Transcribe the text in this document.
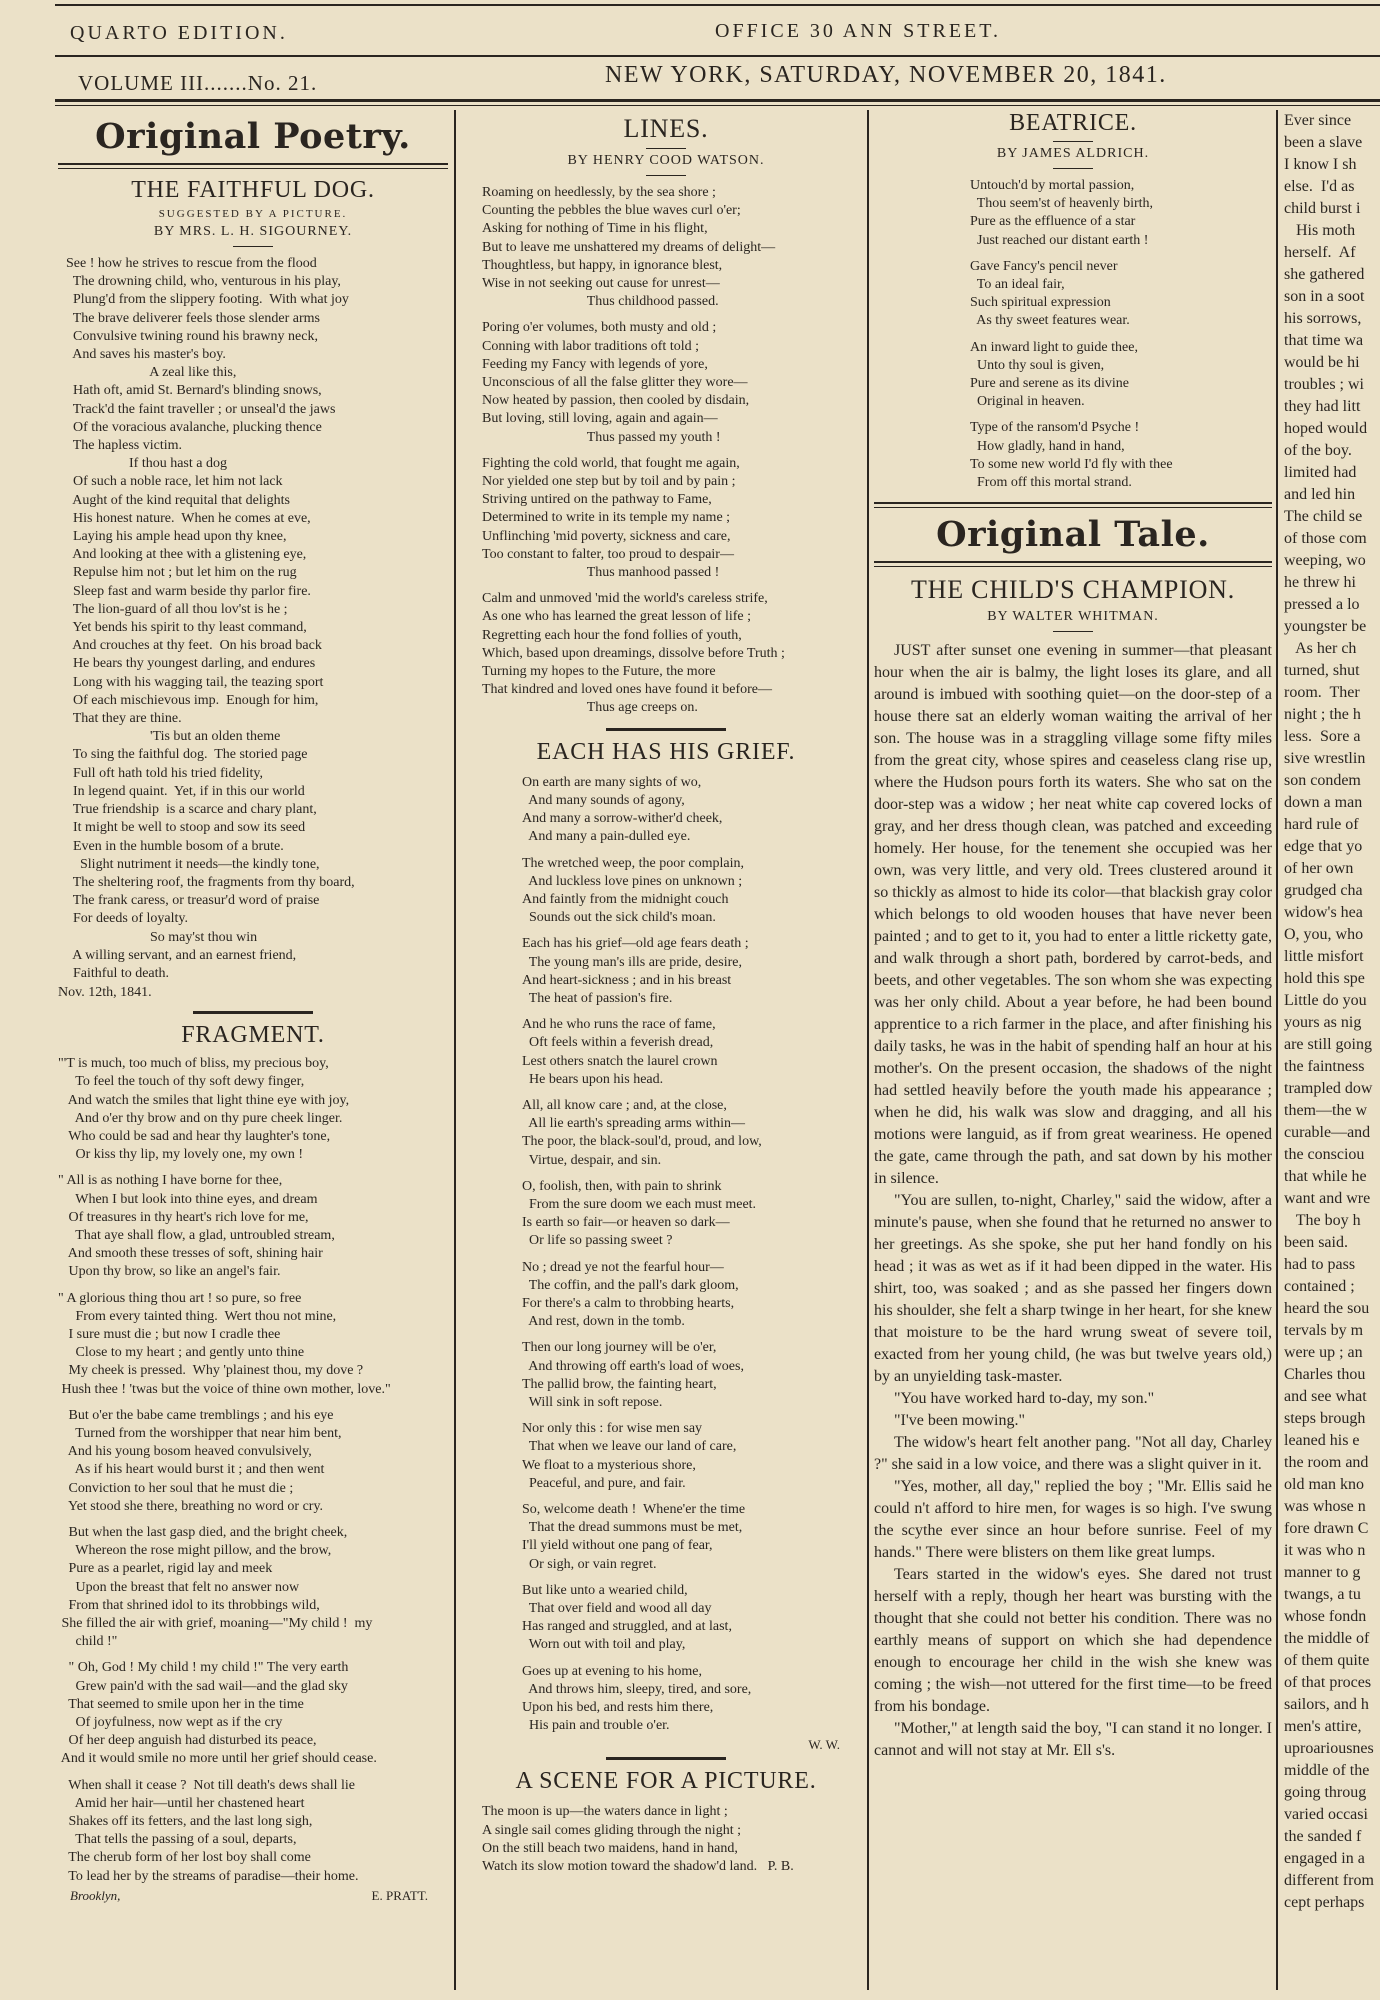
QUARTO EDITION.	OFFICE 30 ANN STREET.
VOLUME III.......No. 21.	NEW YORK, SATURDAY, NOVEMBER 20, 1841.
Original Poetry.
THE FAITHFUL DOG.
SUGGESTED BY A PICTURE.
BY MRS. L. H. SIGOURNEY.
See ! how he strives to rescue from the flood
The drowning child, who, venturous in his play,
Plung'd from the slippery footing.  With what joy
The brave deliverer feels those slender arms
Convulsive twining round his brawny neck,
And saves his master's boy.
A zeal like this,
Hath oft, amid St. Bernard's blinding snows,
Track'd the faint traveller ; or unseal'd the jaws
Of the voracious avalanche, plucking thence
The hapless victim.
If thou hast a dog
Of such a noble race, let him not lack
Aught of the kind requital that delights
His honest nature.  When he comes at eve,
Laying his ample head upon thy knee,
And looking at thee with a glistening eye,
Repulse him not ; but let him on the rug
Sleep fast and warm beside thy parlor fire.
The lion-guard of all thou lov'st is he ;
Yet bends his spirit to thy least command,
And crouches at thy feet.  On his broad back
He bears thy youngest darling, and endures
Long with his wagging tail, the teazing sport
Of each mischievous imp.  Enough for him,
That they are thine.
'Tis but an olden theme
To sing the faithful dog.  The storied page
Full oft hath told his tried fidelity,
In legend quaint.  Yet, if in this our world
True friendship  is a scarce and chary plant,
It might be well to stoop and sow its seed
Even in the humble bosom of a brute.
Slight nutriment it needs—the kindly tone,
The sheltering roof, the fragments from thy board,
The frank caress, or treasur'd word of praise
For deeds of loyalty.
So may'st thou win
A willing servant, and an earnest friend,
Faithful to death.
Nov. 12th, 1841.
FRAGMENT.
"'T is much, too much of bliss, my precious boy,
To feel the touch of thy soft dewy finger,
And watch the smiles that light thine eye with joy,
And o'er thy brow and on thy pure cheek linger.
Who could be sad and hear thy laughter's tone,
Or kiss thy lip, my lovely one, my own !
" All is as nothing I have borne for thee,
When I but look into thine eyes, and dream
Of treasures in thy heart's rich love for me,
That aye shall flow, a glad, untroubled stream,
And smooth these tresses of soft, shining hair
Upon thy brow, so like an angel's fair.
" A glorious thing thou art ! so pure, so free
From every tainted thing.  Wert thou not mine,
I sure must die ; but now I cradle thee
Close to my heart ; and gently unto thine
My cheek is pressed.  Why 'plainest thou, my dove ?
Hush thee ! 'twas but the voice of thine own mother, love."
But o'er the babe came tremblings ; and his eye
Turned from the worshipper that near him bent,
And his young bosom heaved convulsively,
As if his heart would burst it ; and then went
Conviction to her soul that he must die ;
Yet stood she there, breathing no word or cry.
But when the last gasp died, and the bright cheek,
Whereon the rose might pillow, and the brow,
Pure as a pearlet, rigid lay and meek
Upon the breast that felt no answer now
From that shrined idol to its throbbings wild,
She filled the air with grief, moaning—"My child !  my
child !"
" Oh, God ! My child ! my child !" The very earth
Grew pain'd with the sad wail—and the glad sky
That seemed to smile upon her in the time
Of joyfulness, now wept as if the cry
Of her deep anguish had disturbed its peace,
And it would smile no more until her grief should cease.
When shall it cease ?  Not till death's dews shall lie
Amid her hair—until her chastened heart
Shakes off its fetters, and the last long sigh,
That tells the passing of a soul, departs,
The cherub form of her lost boy shall come
To lead her by the streams of paradise—their home.
Brooklyn,	E. PRATT.
LINES.
BY HENRY COOD WATSON.
Roaming on heedlessly, by the sea shore ;
Counting the pebbles the blue waves curl o'er;
Asking for nothing of Time in his flight,
But to leave me unshattered my dreams of delight—
Thoughtless, but happy, in ignorance blest,
Wise in not seeking out cause for unrest—
Thus childhood passed.
Poring o'er volumes, both musty and old ;
Conning with labor traditions oft told ;
Feeding my Fancy with legends of yore,
Unconscious of all the false glitter they wore—
Now heated by passion, then cooled by disdain,
But loving, still loving, again and again—
Thus passed my youth !
Fighting the cold world, that fought me again,
Nor yielded one step but by toil and by pain ;
Striving untired on the pathway to Fame,
Determined to write in its temple my name ;
Unflinching 'mid poverty, sickness and care,
Too constant to falter, too proud to despair—
Thus manhood passed !
Calm and unmoved 'mid the world's careless strife,
As one who has learned the great lesson of life ;
Regretting each hour the fond follies of youth,
Which, based upon dreamings, dissolve before Truth ;
Turning my hopes to the Future, the more
That kindred and loved ones have found it before—
Thus age creeps on.
EACH HAS HIS GRIEF.
On earth are many sights of wo,
And many sounds of agony,
And many a sorrow-wither'd cheek,
And many a pain-dulled eye.
The wretched weep, the poor complain,
And luckless love pines on unknown ;
And faintly from the midnight couch
Sounds out the sick child's moan.
Each has his grief—old age fears death ;
The young man's ills are pride, desire,
And heart-sickness ; and in his breast
The heat of passion's fire.
And he who runs the race of fame,
Oft feels within a feverish dread,
Lest others snatch the laurel crown
He bears upon his head.
All, all know care ; and, at the close,
All lie earth's spreading arms within—
The poor, the black-soul'd, proud, and low,
Virtue, despair, and sin.
O, foolish, then, with pain to shrink
From the sure doom we each must meet.
Is earth so fair—or heaven so dark—
Or life so passing sweet ?
No ; dread ye not the fearful hour—
The coffin, and the pall's dark gloom,
For there's a calm to throbbing hearts,
And rest, down in the tomb.
Then our long journey will be o'er,
And throwing off earth's load of woes,
The pallid brow, the fainting heart,
Will sink in soft repose.
Nor only this : for wise men say
That when we leave our land of care,
We float to a mysterious shore,
Peaceful, and pure, and fair.
So, welcome death !  Whene'er the time
That the dread summons must be met,
I'll yield without one pang of fear,
Or sigh, or vain regret.
But like unto a wearied child,
That over field and wood all day
Has ranged and struggled, and at last,
Worn out with toil and play,
Goes up at evening to his home,
And throws him, sleepy, tired, and sore,
Upon his bed, and rests him there,
His pain and trouble o'er.
W. W.
A SCENE FOR A PICTURE.
The moon is up—the waters dance in light ;
A single sail comes gliding through the night ;
On the still beach two maidens, hand in hand,
Watch its slow motion toward the shadow'd land.   P. B.
BEATRICE.
BY JAMES ALDRICH.
Untouch'd by mortal passion,
Thou seem'st of heavenly birth,
Pure as the effluence of a star
Just reached our distant earth !
Gave Fancy's pencil never
To an ideal fair,
Such spiritual expression
As thy sweet features wear.
An inward light to guide thee,
Unto thy soul is given,
Pure and serene as its divine
Original in heaven.
Type of the ransom'd Psyche !
How gladly, hand in hand,
To some new world I'd fly with thee
From off this mortal strand.
Original Tale.
THE CHILD'S CHAMPION.
BY WALTER WHITMAN.

JUST after sunset one evening in summer—that pleasant hour when the air is balmy, the light loses its glare, and all around is imbued with soothing quiet—on the door-step of a house there sat an elderly woman waiting the arrival of her son. The house was in a straggling village some fifty miles from the great city, whose spires and ceaseless clang rise up, where the Hudson pours forth its waters. She who sat on the door-step was a widow ; her neat white cap covered locks of gray, and her dress though clean, was patched and exceeding homely. Her house, for the tenement she occupied was her own, was very little, and very old. Trees clustered around it so thickly as almost to hide its color—that blackish gray color which belongs to old wooden houses that have never been painted ; and to get to it, you had to enter a little ricketty gate, and walk through a short path, bordered by carrot-beds, and beets, and other vegetables. The son whom she was expecting was her only child. About a year before, he had been bound apprentice to a rich farmer in the place, and after finishing his daily tasks, he was in the habit of spending half an hour at his mother's. On the present occasion, the shadows of the night had settled heavily before the youth made his appearance ; when he did, his walk was slow and dragging, and all his motions were languid, as if from great weariness. He opened the gate, came through the path, and sat down by his mother in silence.

"You are sullen, to-night, Charley," said the widow, after a minute's pause, when she found that he returned no answer to her greetings. As she spoke, she put her hand fondly on his head ; it was as wet as if it had been dipped in the water. His shirt, too, was soaked ; and as she passed her fingers down his shoulder, she felt a sharp twinge in her heart, for she knew that moisture to be the hard wrung sweat of severe toil, exacted from her young child, (he was but twelve years old,) by an unyielding task-master.

"You have worked hard to-day, my son."

"I've been mowing."

The widow's heart felt another pang. "Not all day, Charley ?" she said in a low voice, and there was a slight quiver in it.

"Yes, mother, all day," replied the boy ; "Mr. Ellis said he could n't afford to hire men, for wages is so high. I've swung the scythe ever since an hour before sunrise. Feel of my hands." There were blisters on them like great lumps.

Tears started in the widow's eyes. She dared not trust herself with a reply, though her heart was bursting with the thought that she could not better his condition. There was no earthly means of support on which she had dependence enough to encourage her child in the wish she knew was coming ; the wish—not uttered for the first time—to be freed from his bondage.

"Mother," at length said the boy, "I can stand it no longer. I cannot and will not stay at Mr. Ell s's.

Ever since
been a slave
I know I sh
else.  I'd as
child burst i
His moth
herself.  Af
she gathered
son in a soot
his sorrows,
that time wa
would be hi
troubles ; wi
they had litt
hoped would
of the boy.
limited had
and led hin
The child se
of those com
weeping, wo
he threw hi
pressed a lo
youngster be
As her ch
turned, shut
room.  Ther
night ; the h
less.  Sore a
sive wrestlin
son condem
down a man
hard rule of
edge that yo
of her own
grudged cha
widow's hea
O, you, who
little misfort
hold this spe
Little do you
yours as nig
are still going
the faintness
trampled dow
them—the w
curable—and
the consciou
that while he
want and wre
The boy h
been said.
had to pass
contained ;
heard the sou
tervals by m
were up ; an
Charles thou
and see what
steps brough
leaned his e
the room and
old man kno
was whose n
fore drawn C
it was who n
manner to g
twangs, a tu
whose fondn
the middle of
of them quite
of that proces
sailors, and h
men's attire,
uproariousnes
middle of the
going throug
varied occasi
the sanded f
engaged in a
different from
cept perhaps
